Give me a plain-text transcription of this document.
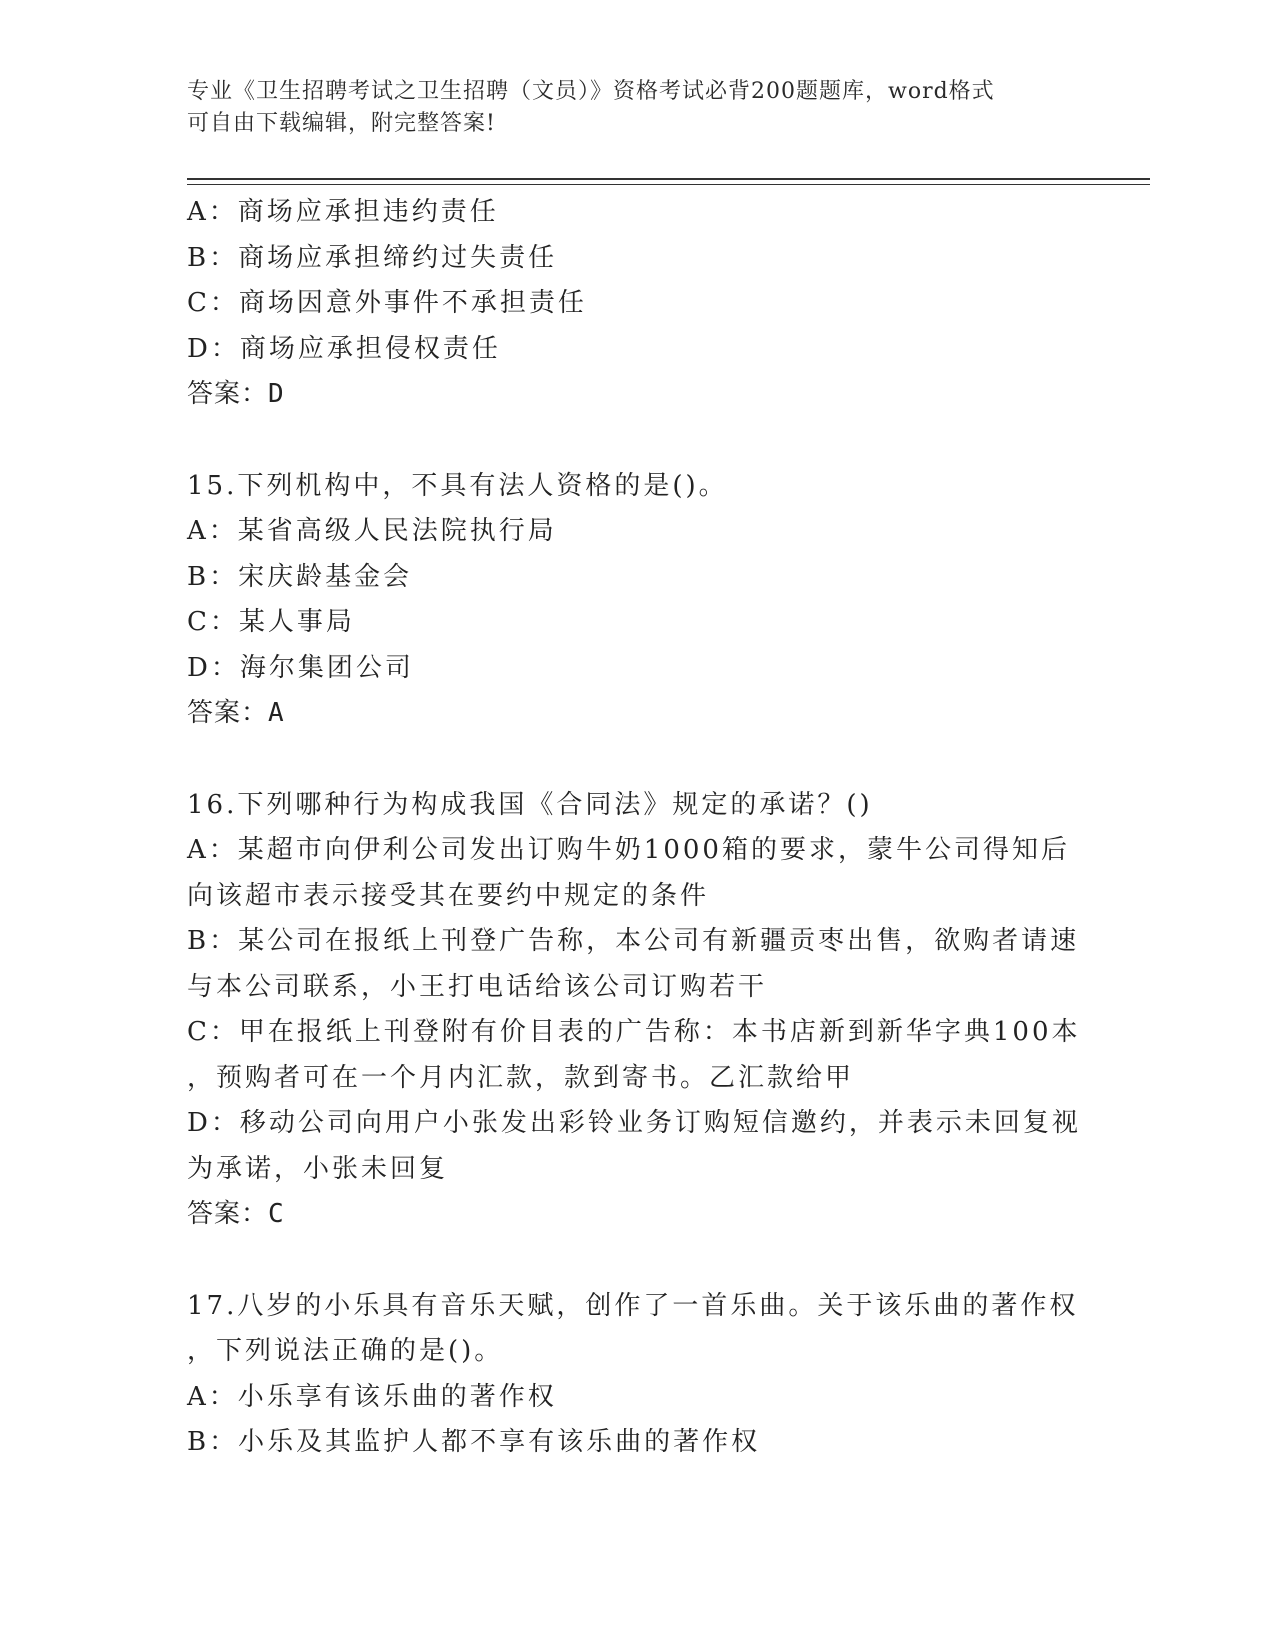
专业《卫生招聘考试之卫生招聘（文员）》资格考试必背200题题库，word格式
可自由下载编辑，附完整答案!
A：商场应承担违约责任
B：商场应承担缔约过失责任
C：商场因意外事件不承担责任
D：商场应承担侵权责任
答案：D
15.下列机构中，不具有法人资格的是()。
A：某省高级人民法院执行局
B：宋庆龄基金会
C：某人事局
D：海尔集团公司
答案：A
16.下列哪种行为构成我国《合同法》规定的承诺？()
A：某超市向伊利公司发出订购牛奶1000箱的要求，蒙牛公司得知后
向该超市表示接受其在要约中规定的条件
B：某公司在报纸上刊登广告称，本公司有新疆贡枣出售，欲购者请速
与本公司联系，小王打电话给该公司订购若干
C：甲在报纸上刊登附有价目表的广告称：本书店新到新华字典100本
，预购者可在一个月内汇款，款到寄书。乙汇款给甲
D：移动公司向用户小张发出彩铃业务订购短信邀约，并表示未回复视
为承诺，小张未回复
答案：C
17.八岁的小乐具有音乐天赋，创作了一首乐曲。关于该乐曲的著作权
，下列说法正确的是()。
A：小乐享有该乐曲的著作权
B：小乐及其监护人都不享有该乐曲的著作权
